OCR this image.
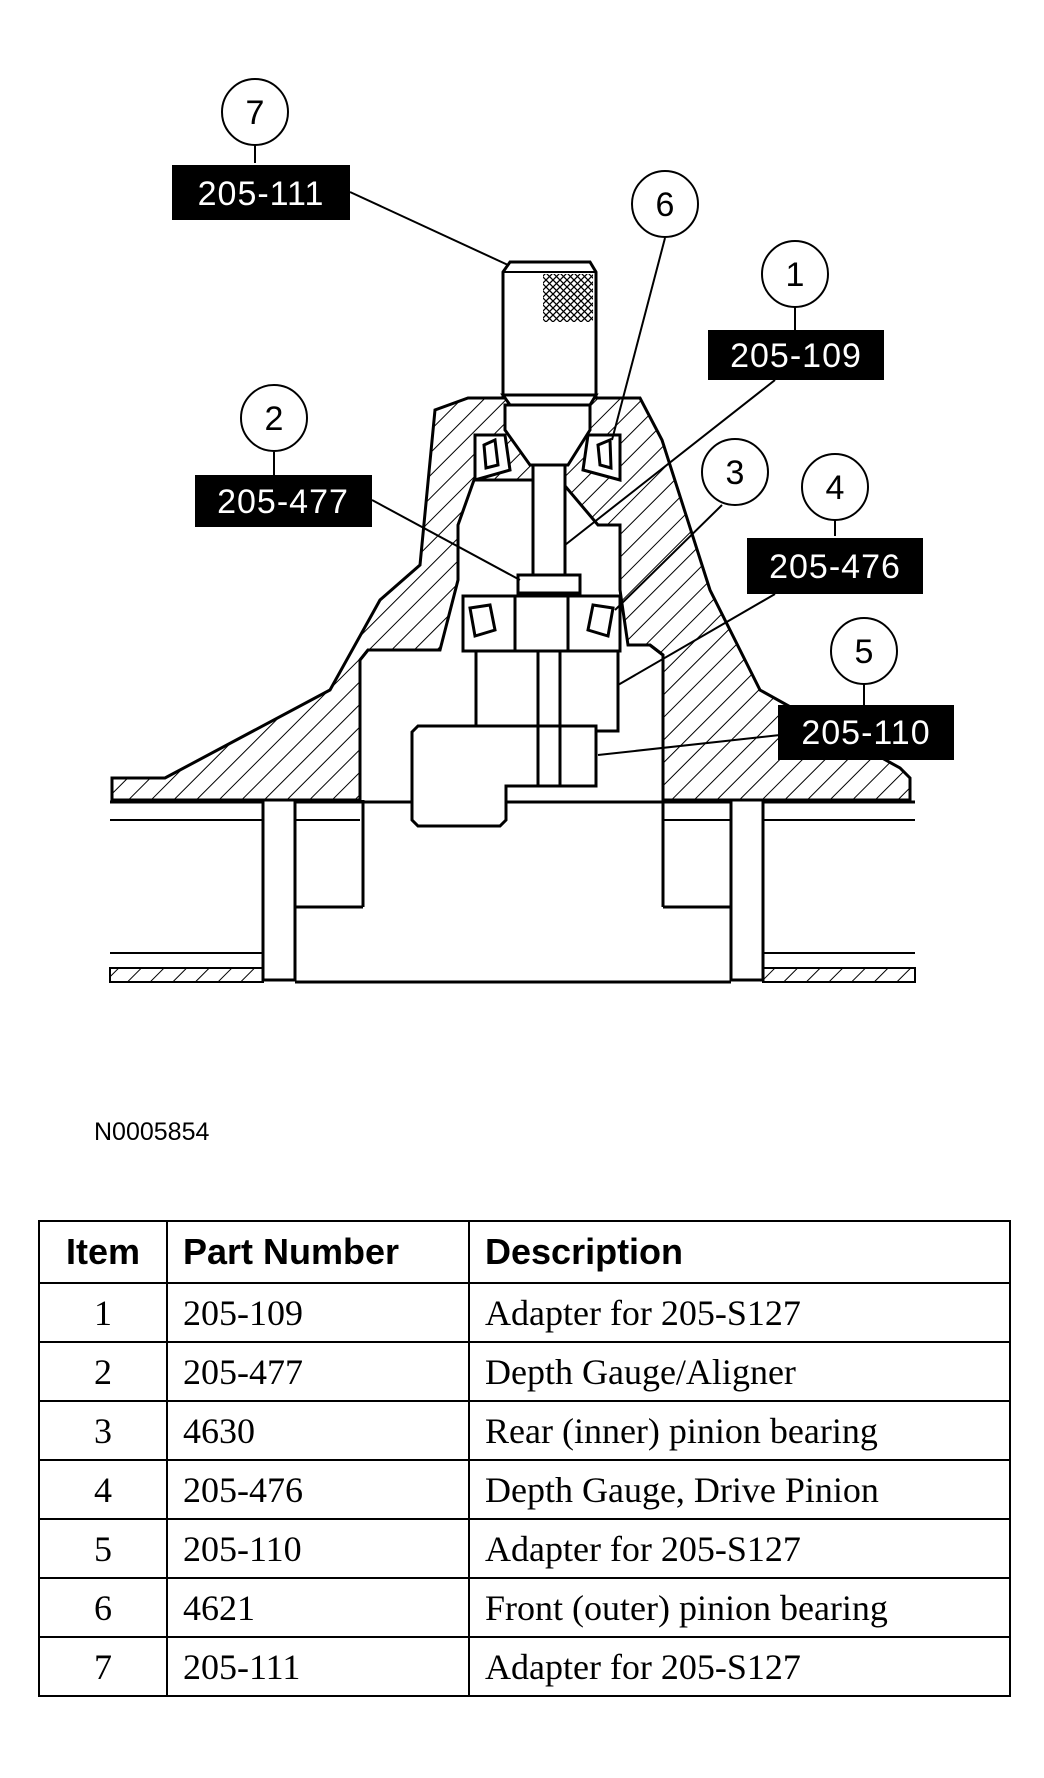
7
205-111	6
1
205-109
2
205-477
3 4
205-476
5
205-110
N0005854
Item	Part Number	Description
1	205-109	Adapter for 205-S127
2	205-477	Depth Gauge/Aligner
3	4630	Rear (inner) pinion bearing
4	205-476	Depth Gauge, Drive Pinion
5	205-110	Adapter for 205-S127
6	4621	Front (outer) pinion bearing
7	205-111	Adapter for 205-S127
